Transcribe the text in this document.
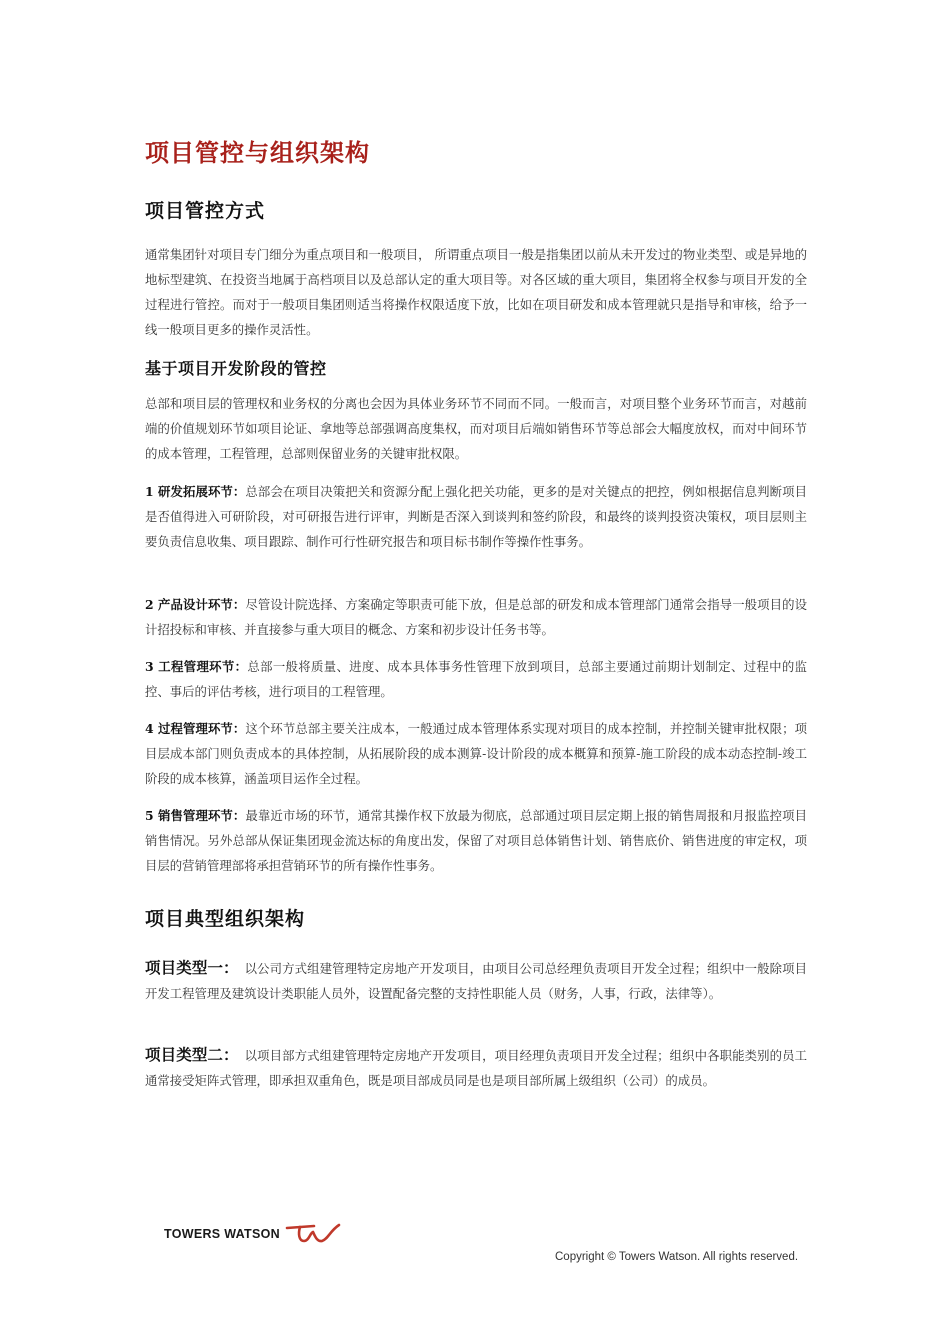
项目管控与组织架构
项目管控方式
通常集团针对项目专门细分为重点项目和一般项目， 所谓重点项目一般是指集团以前从未开发过的物业类型、或是异地的地标型建筑、在投资当地属于高档项目以及总部认定的重大项目等。对各区域的重大项目，集团将全权参与项目开发的全过程进行管控。而对于一般项目集团则适当将操作权限适度下放，比如在项目研发和成本管理就只是指导和审核，给予一线一般项目更多的操作灵活性。
基于项目开发阶段的管控
总部和项目层的管理权和业务权的分离也会因为具体业务环节不同而不同。一般而言，对项目整个业务环节而言，对越前端的价值规划环节如项目论证、拿地等总部强调高度集权，而对项目后端如销售环节等总部会大幅度放权，而对中间环节的成本管理，工程管理，总部则保留业务的关键审批权限。
1 研发拓展环节：总部会在项目决策把关和资源分配上强化把关功能，更多的是对关键点的把控，例如根据信息判断项目是否值得进入可研阶段，对可研报告进行评审，判断是否深入到谈判和签约阶段，和最终的谈判投资决策权，项目层则主要负责信息收集、项目跟踪、制作可行性研究报告和项目标书制作等操作性事务。
2 产品设计环节：尽管设计院选择、方案确定等职责可能下放，但是总部的研发和成本管理部门通常会指导一般项目的设计招投标和审核、并直接参与重大项目的概念、方案和初步设计任务书等。
3 工程管理环节：总部一般将质量、进度、成本具体事务性管理下放到项目，总部主要通过前期计划制定、过程中的监控、事后的评估考核，进行项目的工程管理。
4 过程管理环节：这个环节总部主要关注成本，一般通过成本管理体系实现对项目的成本控制，并控制关键审批权限；项目层成本部门则负责成本的具体控制，从拓展阶段的成本测算-设计阶段的成本概算和预算-施工阶段的成本动态控制-竣工阶段的成本核算，涵盖项目运作全过程。
5 销售管理环节：最靠近市场的环节，通常其操作权下放最为彻底，总部通过项目层定期上报的销售周报和月报监控项目销售情况。另外总部从保证集团现金流达标的角度出发，保留了对项目总体销售计划、销售底价、销售进度的审定权，项目层的营销管理部将承担营销环节的所有操作性事务。
项目典型组织架构
项目类型一： 以公司方式组建管理特定房地产开发项目，由项目公司总经理负责项目开发全过程；组织中一般除项目开发工程管理及建筑设计类职能人员外，设置配备完整的支持性职能人员（财务，人事，行政，法律等）。
项目类型二： 以项目部方式组建管理特定房地产开发项目，项目经理负责项目开发全过程；组织中各职能类别的员工通常接受矩阵式管理，即承担双重角色，既是项目部成员同是也是项目部所属上级组织（公司）的成员。
TOWERS WATSON
Copyright © Towers Watson. All rights reserved.
